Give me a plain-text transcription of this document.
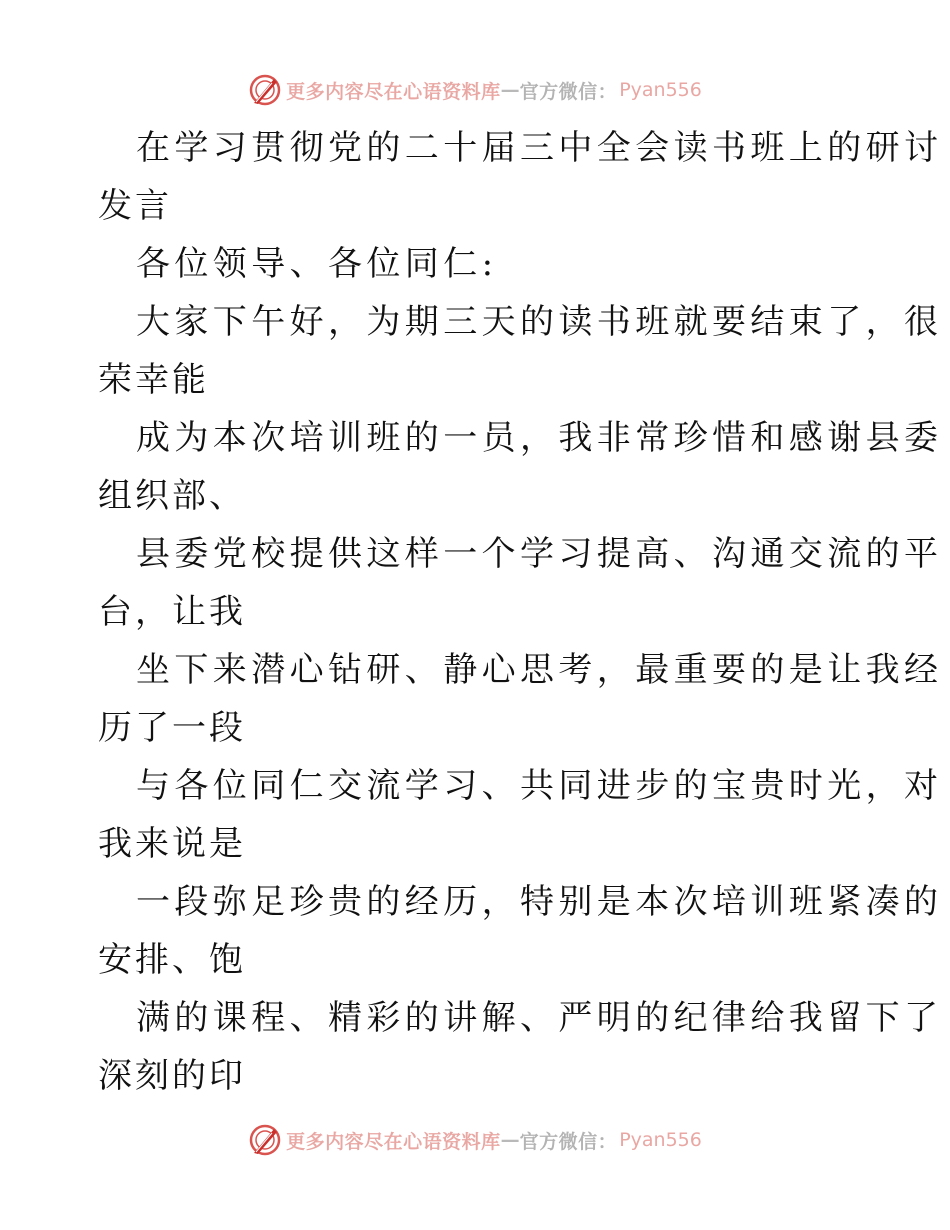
更多内容尽在心语资料库 — 官方微信： Pyan556
在学习贯彻党的二十届三中全会读书班上的研讨
发言
各位领导、各位同仁:
大家下午好，为期三天的读书班就要结束了，很
荣幸能
成为本次培训班的一员，我非常珍惜和感谢县委
组织部、
县委党校提供这样一个学习提高、沟通交流的平
台，让我
坐下来潜心钻研、静心思考，最重要的是让我经
历了一段
与各位同仁交流学习、共同进步的宝贵时光，对
我来说是
一段弥足珍贵的经历，特别是本次培训班紧凑的
安排、饱
满的课程、精彩的讲解、严明的纪律给我留下了
深刻的印
更多内容尽在心语资料库 — 官方微信： Pyan556
